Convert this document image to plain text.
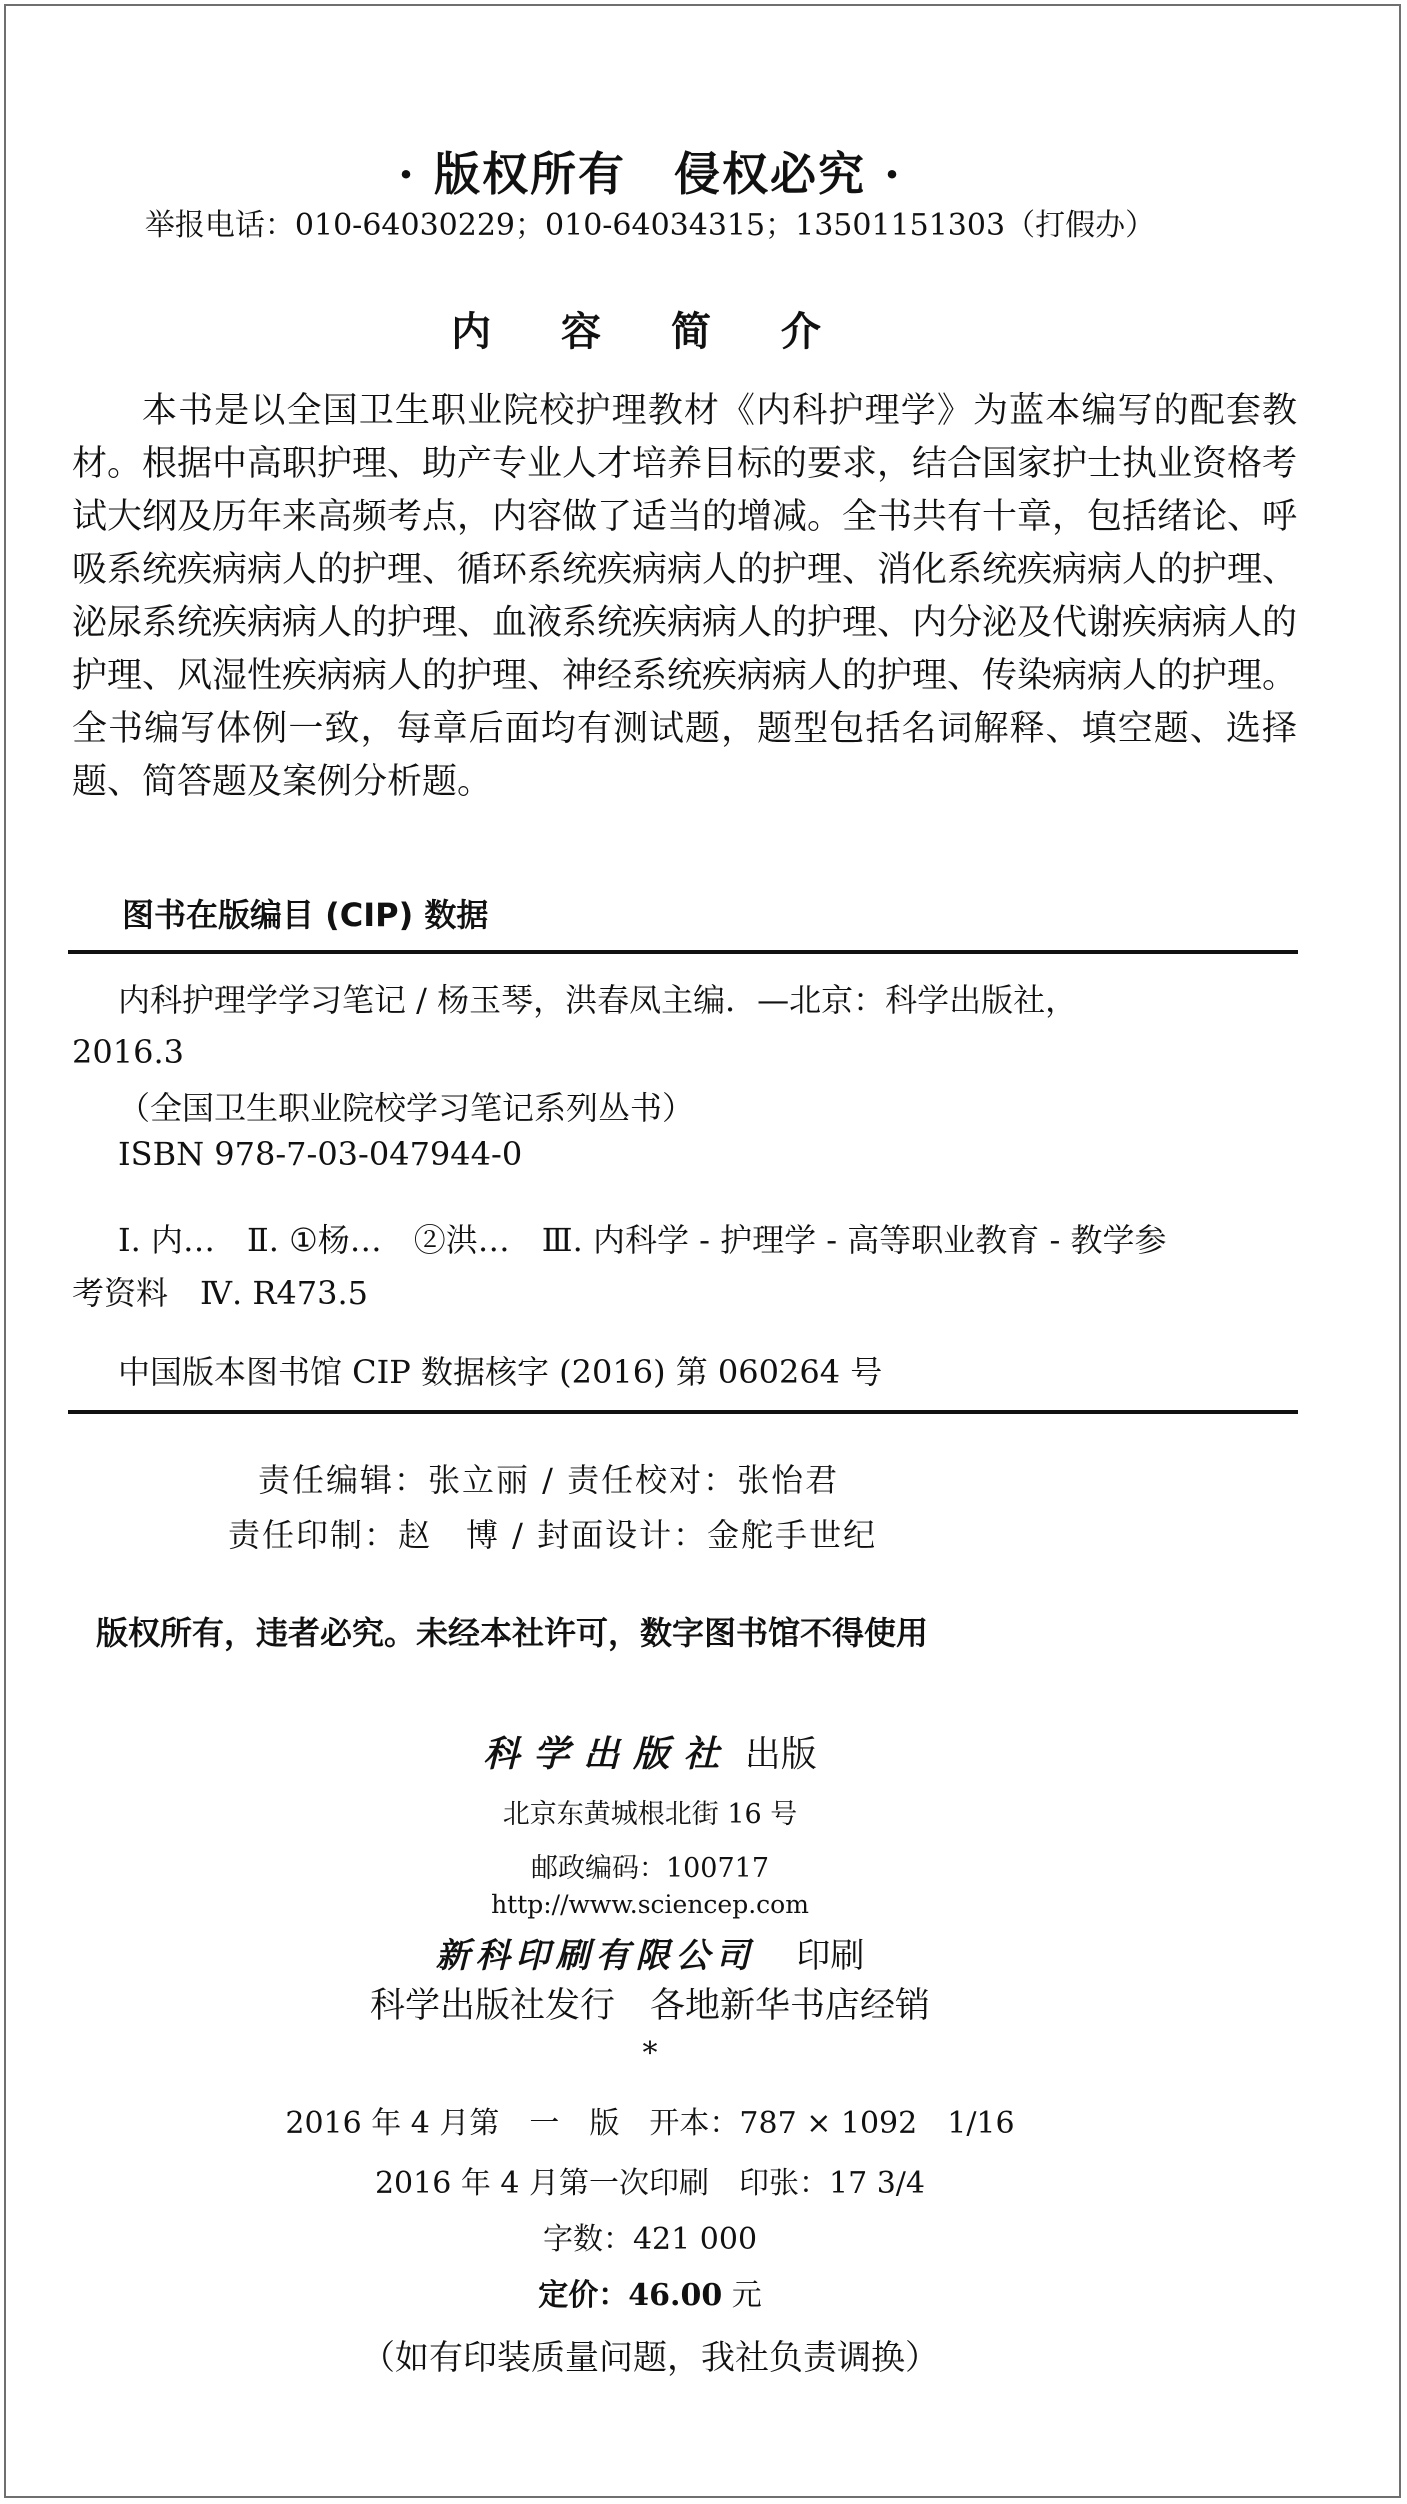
· 版权所有　侵权必究 ·
举报电话：010-64030229；010-64034315；13501151303（打假办）
内 容 简 介

本书是以全国卫生职业院校护理教材《内科护理学》为蓝本编写的配套教材。根据中高职护理、助产专业人才培养目标的要求，结合国家护士执业资格考试大纲及历年来高频考点，内容做了适当的增减。全书共有十章，包括绪论、呼吸系统疾病病人的护理、循环系统疾病病人的护理、消化系统疾病病人的护理、泌尿系统疾病病人的护理、血液系统疾病病人的护理、内分泌及代谢疾病病人的护理、风湿性疾病病人的护理、神经系统疾病病人的护理、传染病病人的护理。全书编写体例一致，每章后面均有测试题，题型包括名词解释、填空题、选择题、简答题及案例分析题。

图书在版编目 (CIP) 数据
内科护理学学习笔记 / 杨玉琴，洪春凤主编．—北京：科学出版社，
2016.3
（全国卫生职业院校学习笔记系列丛书）
ISBN 978-7-03-047944-0
Ⅰ. 内…　Ⅱ. ①杨…　②洪…　Ⅲ. 内科学 - 护理学 - 高等职业教育 - 教学参
考资料　Ⅳ. R473.5
中国版本图书馆 CIP 数据核字 (2016) 第 060264 号
责任编辑：张立丽 / 责任校对：张怡君
责任印制：赵　博 / 封面设计：金舵手世纪
版权所有，违者必究。未经本社许可，数字图书馆不得使用
科学出版社 出版
北京东黄城根北街 16 号
邮政编码：100717
http://www.sciencep.com
新科印刷有限公司 印刷
科学出版社发行　各地新华书店经销
*
2016 年 4 月第　一　版　开本：787 × 1092　1/16
2016 年 4 月第一次印刷　印张：17 3/4
字数：421 000
定价：46.00 元
（如有印装质量问题，我社负责调换）
